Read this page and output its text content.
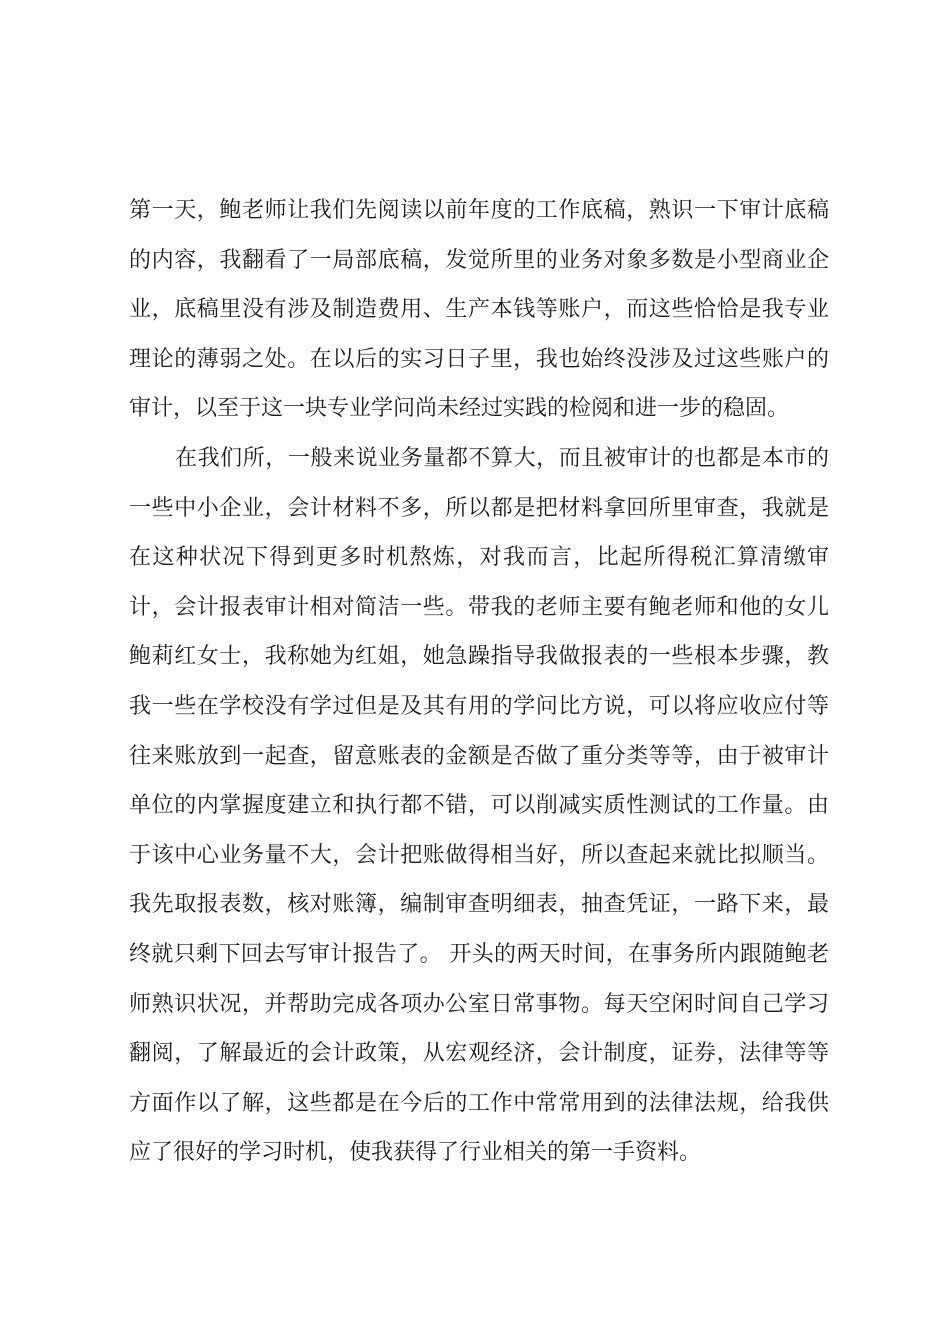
第一天，鲍老师让我们先阅读以前年度的工作底稿，熟识一下审计底稿
的内容，我翻看了一局部底稿，发觉所里的业务对象多数是小型商业企
业，底稿里没有涉及制造费用、生产本钱等账户，而这些恰恰是我专业
理论的薄弱之处。在以后的实习日子里，我也始终没涉及过这些账户的
审计，以至于这一块专业学问尚未经过实践的检阅和进一步的稳固。
在我们所，一般来说业务量都不算大，而且被审计的也都是本市的
一些中小企业，会计材料不多，所以都是把材料拿回所里审查，我就是
在这种状况下得到更多时机熬炼，对我而言，比起所得税汇算清缴审
计，会计报表审计相对简洁一些。带我的老师主要有鲍老师和他的女儿
鲍莉红女士，我称她为红姐，她急躁指导我做报表的一些根本步骤，教
我一些在学校没有学过但是及其有用的学问比方说，可以将应收应付等
往来账放到一起查，留意账表的金额是否做了重分类等等，由于被审计
单位的内掌握度建立和执行都不错，可以削减实质性测试的工作量。由
于该中心业务量不大，会计把账做得相当好，所以查起来就比拟顺当。
我先取报表数，核对账簿，编制审查明细表，抽查凭证，一路下来，最
终就只剩下回去写审计报告了。 开头的两天时间，在事务所内跟随鲍老
师熟识状况，并帮助完成各项办公室日常事物。每天空闲时间自己学习
翻阅，了解最近的会计政策，从宏观经济，会计制度，证券，法律等等
方面作以了解，这些都是在今后的工作中常常用到的法律法规，给我供
应了很好的学习时机，使我获得了行业相关的第一手资料。
